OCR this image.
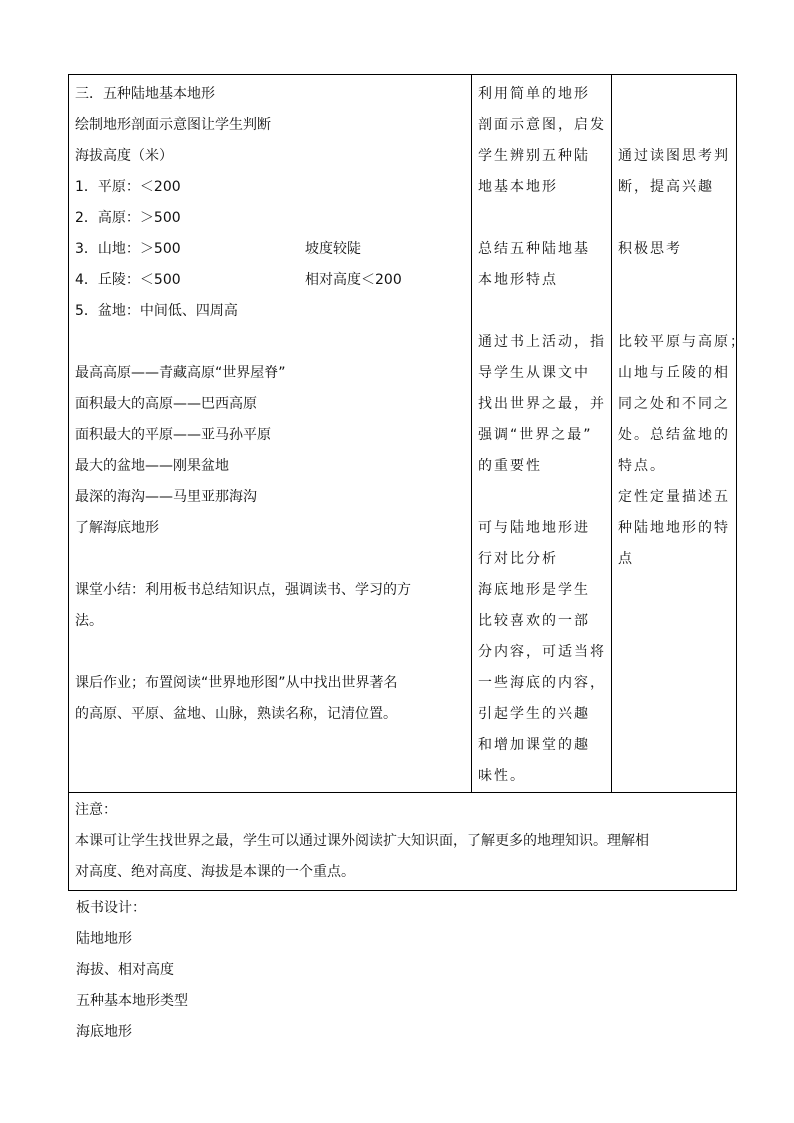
三．五种陆地基本地形
绘制地形剖面示意图让学生判断
海拔高度（米）
1．平原：＜200
2．高原：＞500
3．山地：＞500	坡度较陡
4．丘陵：＜500	相对高度＜200
5．盆地：中间低、四周高
最高高原——青藏高原“世界屋脊”
面积最大的高原——巴西高原
面积最大的平原——亚马孙平原
最大的盆地——刚果盆地
最深的海沟——马里亚那海沟
了解海底地形
课堂小结：利用板书总结知识点，强调读书、学习的方
法。
课后作业；布置阅读“世界地形图”从中找出世界著名
的高原、平原、盆地、山脉，熟读名称，记清位置。

利用简单的地形
剖面示意图，启发
学生辨别五种陆
地基本地形
总结五种陆地基
本地形特点
通过书上活动，指
导学生从课文中
找出世界之最，并
强调“世界之最”
的重要性
可与陆地地形进
行对比分析
海底地形是学生
比较喜欢的一部
分内容，可适当将
一些海底的内容，
引起学生的兴趣
和增加课堂的趣
味性。

通过读图思考判
断，提高兴趣
积极思考
比较平原与高原；
山地与丘陵的相
同之处和不同之
处。总结盆地的
特点。
定性定量描述五
种陆地地形的特
点

注意：
本课可让学生找世界之最，学生可以通过课外阅读扩大知识面，了解更多的地理知识。理解相
对高度、绝对高度、海拔是本课的一个重点。
板书设计：
陆地地形
海拔、相对高度
五种基本地形类型
海底地形
